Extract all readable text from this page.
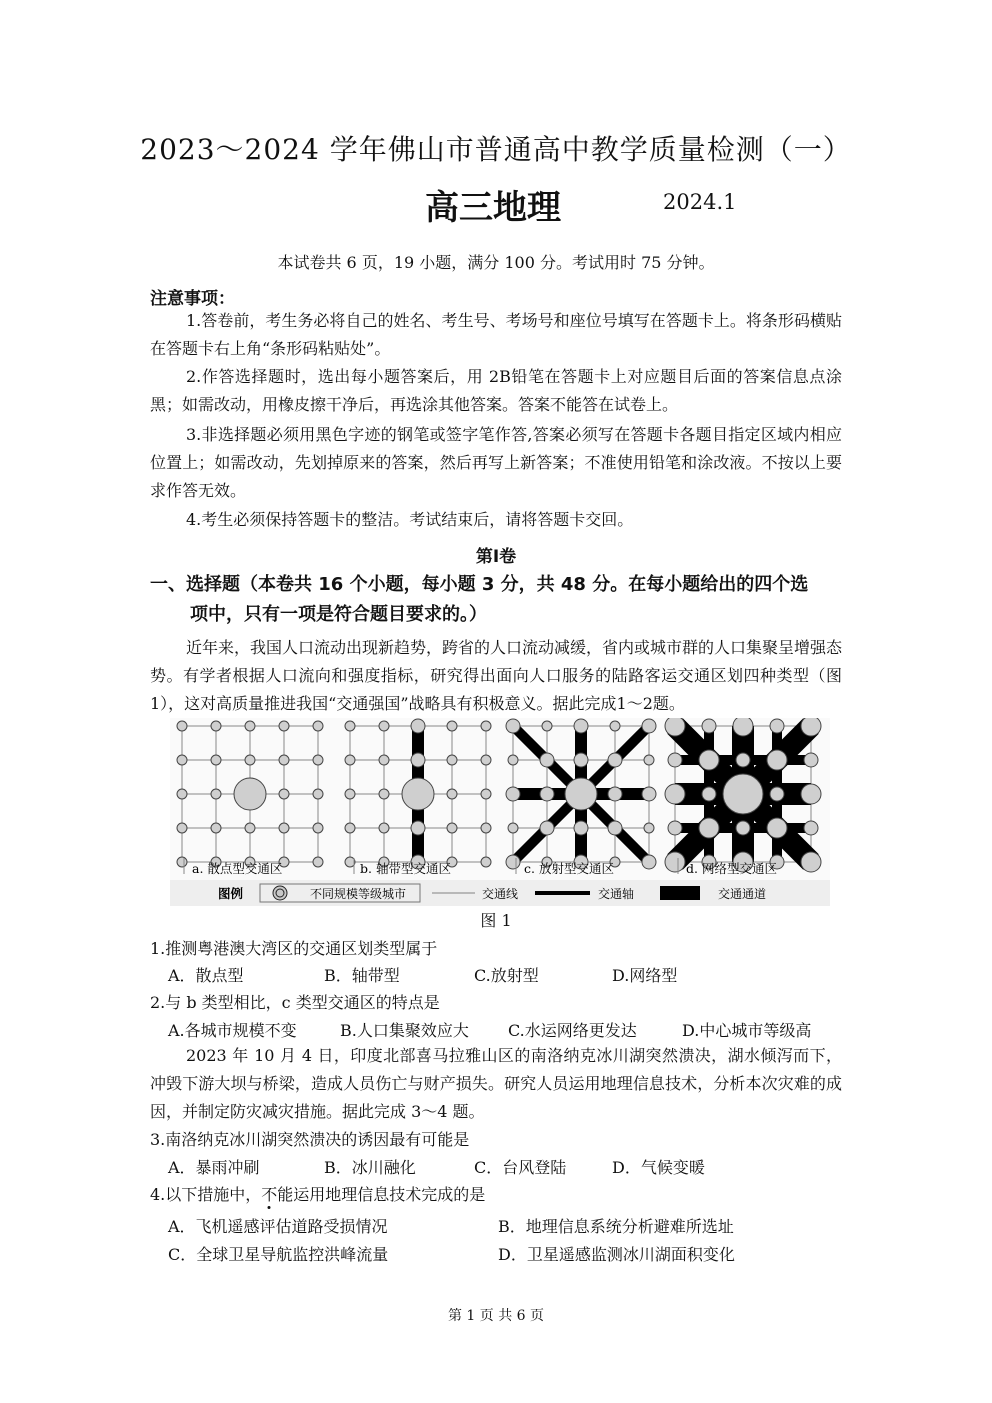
2023～2024 学年佛山市普通高中教学质量检测（一）
高三地理	2024.1
本试卷共 6 页，19 小题，满分 100 分。考试用时 75 分钟。
注意事项：
1.答卷前，考生务必将自己的姓名、考生号、考场号和座位号填写在答题卡上。将条形码横贴在答题卡右上角“条形码粘贴处”。
2.作答选择题时，选出每小题答案后，用 2B铅笔在答题卡上对应题目后面的答案信息点涂黑；如需改动，用橡皮擦干净后，再选涂其他答案。答案不能答在试卷上。
3.非选择题必须用黑色字迹的钢笔或签字笔作答,答案必须写在答题卡各题目指定区域内相应位置上；如需改动，先划掉原来的答案，然后再写上新答案；不准使用铅笔和涂改液。不按以上要求作答无效。
4.考生必须保持答题卡的整洁。考试结束后，请将答题卡交回。
第Ⅰ卷
一、选择题（本卷共 16 个小题，每小题 3 分，共 48 分。在每小题给出的四个选
项中，只有一项是符合题目要求的。）
近年来，我国人口流动出现新趋势，跨省的人口流动减缓，省内或城市群的人口集聚呈增强态势。有学者根据人口流向和强度指标，研究得出面向人口服务的陆路客运交通区划四种类型（图1），这对高质量推进我国“交通强国”战略具有积极意义。据此完成1～2题。
a. 散点型交通区	b. 轴带型交通区	c. 放射型交通区	d. 网络型交通区
图例	不同规模等级城市	交通线	交通轴	交通通道
图 1
1.推测粤港澳大湾区的交通区划类型属于
A．散点型	B．轴带型	C.放射型	D.网络型
2.与 b 类型相比，c 类型交通区的特点是
A.各城市规模不变	B.人口集聚效应大 C.水运网络更发达	D.中心城市等级高
2023 年 10 月 4 日，印度北部喜马拉雅山区的南洛纳克冰川湖突然溃决，湖水倾泻而下，冲毁下游大坝与桥梁，造成人员伤亡与财产损失。研究人员运用地理信息技术，分析本次灾难的成因，并制定防灾减灾措施。据此完成 3～4 题。
3.南洛纳克冰川湖突然溃决的诱因最有可能是
A．暴雨冲刷	B．冰川融化	C．台风登陆	D．气候变暖
4.以下措施中，不能运用地理信息技术完成的是
A．飞机遥感评估道路受损情况	B．地理信息系统分析避难所选址
C．全球卫星导航监控洪峰流量	D．卫星遥感监测冰川湖面积变化
第 1 页 共 6 页
